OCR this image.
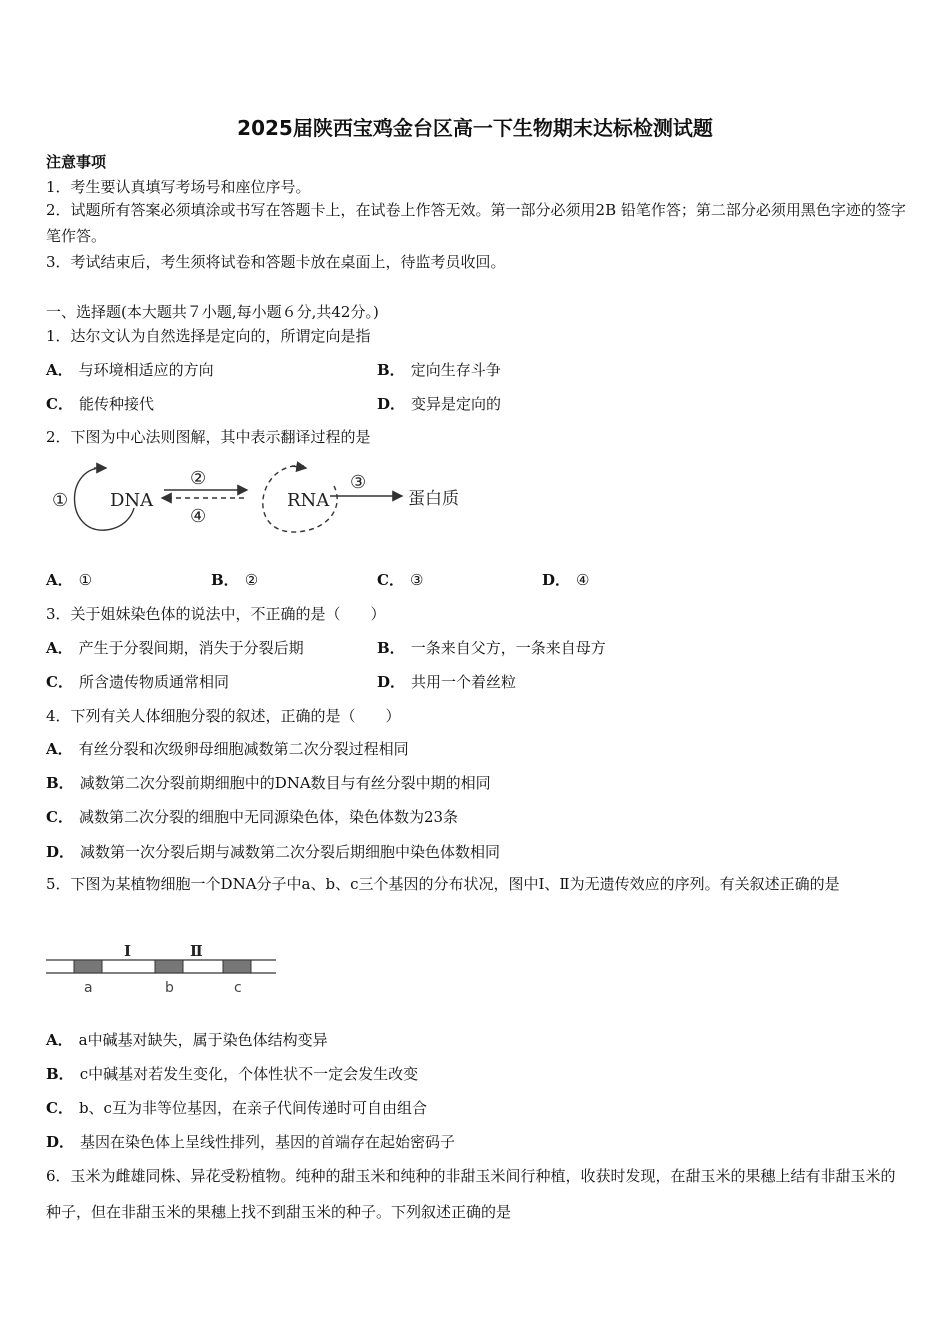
2025届陕西宝鸡金台区高一下生物期末达标检测试题
注意事项
1．考生要认真填写考场号和座位序号。
2．试题所有答案必须填涂或书写在答题卡上，在试卷上作答无效。第一部分必须用2B 铅笔作答；第二部分必须用黑色字迹的签字笔作答。
3．考试结束后，考生须将试卷和答题卡放在桌面上，待监考员收回。
一、选择题(本大题共７小题,每小题６分,共42分。)
1．达尔文认为自然选择是定向的，所谓定向是指
A． 与环境相适应的方向	B． 定向生存斗争
C． 能传种接代	D． 变异是定向的
2．下图为中心法则图解，其中表示翻译过程的是
① DNA
②
④
RNA
③
蛋白质
A． ①	B． ②	C． ③	D． ④
3．关于姐妹染色体的说法中，不正确的是（　　）
A． 产生于分裂间期，消失于分裂后期	B． 一条来自父方，一条来自母方
C． 所含遗传物质通常相同	D． 共用一个着丝粒
4．下列有关人体细胞分裂的叙述，正确的是（　　）
A． 有丝分裂和次级卵母细胞减数第二次分裂过程相同
B． 减数第二次分裂前期细胞中的DNA数目与有丝分裂中期的相同
C． 减数第二次分裂的细胞中无同源染色体，染色体数为23条
D． 减数第一次分裂后期与减数第二次分裂后期细胞中染色体数相同
5．下图为某植物细胞一个DNA分子中a、b、c三个基因的分布状况，图中Ⅰ、Ⅱ为无遗传效应的序列。有关叙述正确的是
Ⅰ	Ⅱ
a	b	c
A． a中碱基对缺失，属于染色体结构变异
B． c中碱基对若发生变化，个体性状不一定会发生改变
C． b、c互为非等位基因，在亲子代间传递时可自由组合
D． 基因在染色体上呈线性排列，基因的首端存在起始密码子
6．玉米为雌雄同株、异花受粉植物。纯种的甜玉米和纯种的非甜玉米间行种植，收获时发现，在甜玉米的果穗上结有非甜玉米的种子，但在非甜玉米的果穗上找不到甜玉米的种子。下列叙述正确的是
